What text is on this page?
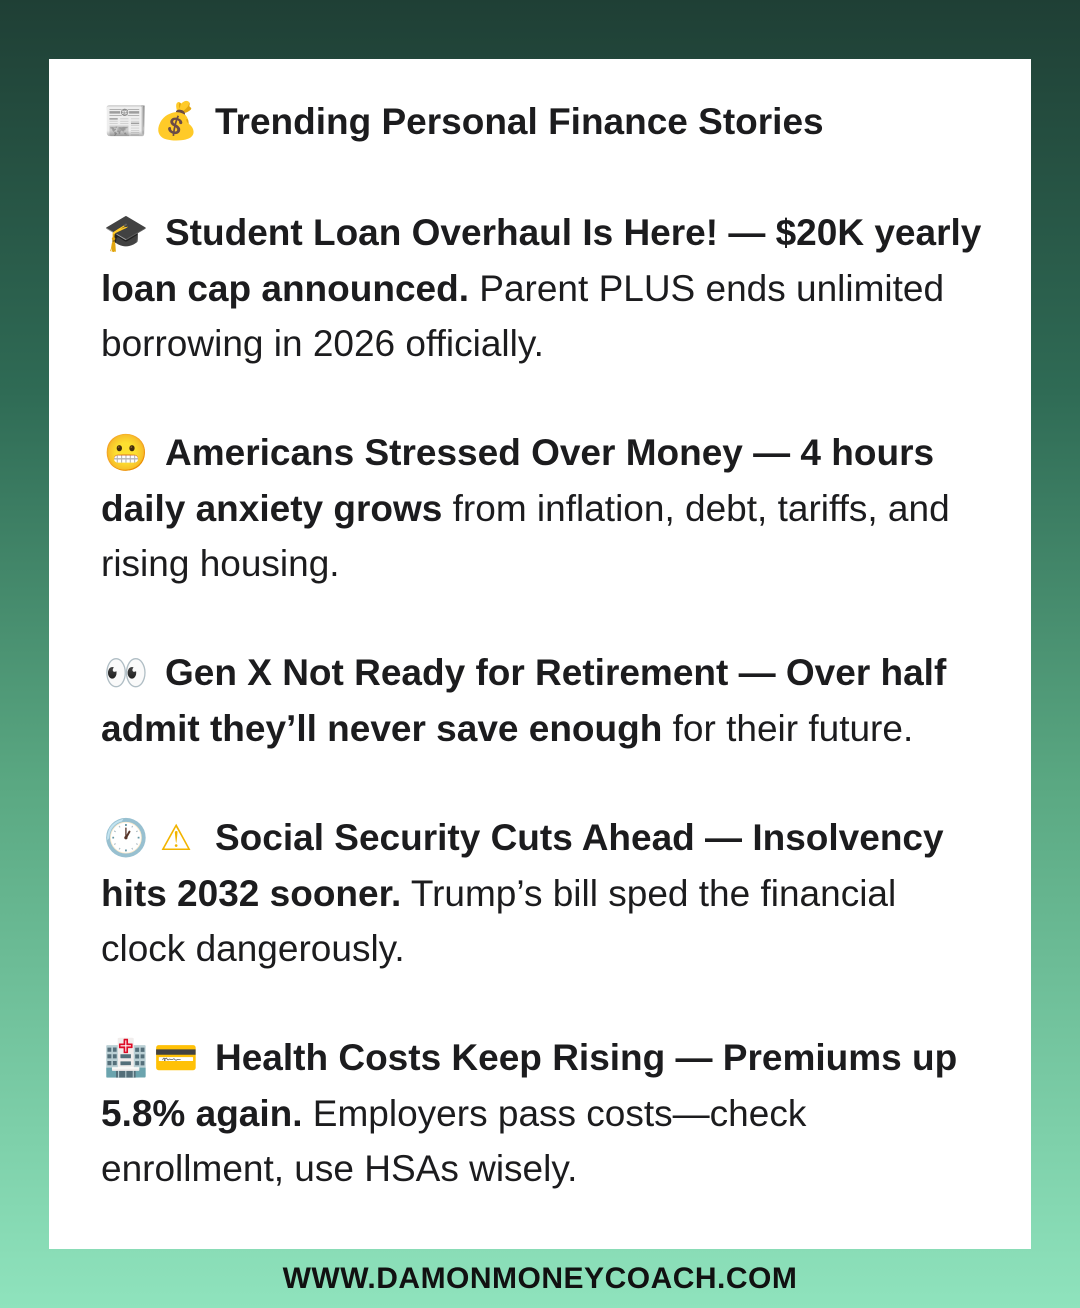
📰 💰 Trending Personal Finance Stories
🎓 Student Loan Overhaul Is Here! — $20K yearly loan cap announced. Parent PLUS ends unlimited borrowing in 2026 officially.
😬 Americans Stressed Over Money — 4 hours daily anxiety grows from inflation, debt, tariffs, and rising housing.
👀 Gen X Not Ready for Retirement — Over half admit they’ll never save enough for their future.
🕐 ⚠ Social Security Cuts Ahead — Insolvency hits 2032 sooner. Trump’s bill sped the financial clock dangerously.
🏥 💳 Health Costs Keep Rising — Premiums up 5.8% again. Employers pass costs—check enrollment, use HSAs wisely.
WWW.DAMONMONEYCOACH.COM
